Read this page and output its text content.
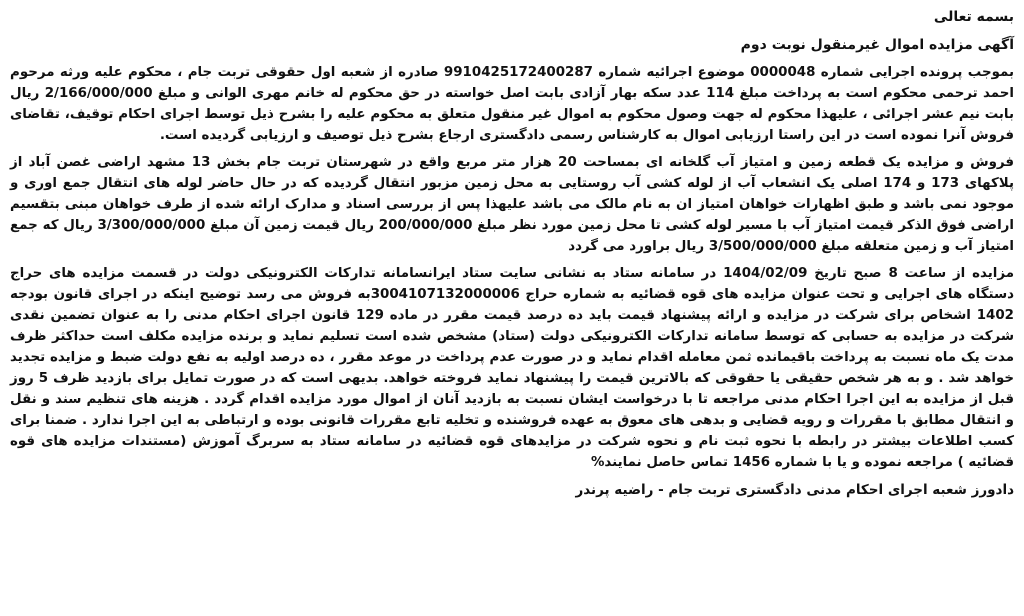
بسمه تعالی

آگهی مزایده اموال غیرمنقول نوبت دوم

بموجب پرونده اجرایی شماره 0000048 موضوع اجرائیه شماره 9910425172400287 صادره از شعبه اول حقوقی تربت جام ، محکوم علیه ورثه مرحوم احمد ترحمی محکوم است به پرداخت مبلغ 114 عدد سکه بهار آزادی بابت اصل خواسته در حق محکوم له خانم مهری الوانی و مبلغ 2/166/000/000 ریال بابت نیم عشر اجرائی ، علیهذا محکوم له جهت وصول محکوم به اموال غیر منقول متعلق به محکوم علیه را بشرح ذیل توسط اجرای احکام توقیف، تقاضای فروش آنرا نموده است در این راستا ارزیابی اموال به کارشناس رسمی دادگستری ارجاع بشرح ذیل توصیف و ارزیابی گردیده است.

فروش و مزایده یک قطعه زمین و امتیاز آب گلخانه ای بمساحت 20 هزار متر مربع واقع در شهرستان تربت جام بخش 13 مشهد اراضی غصن آباد از پلاکهای 173 و 174 اصلی یک انشعاب آب از لوله کشی آب روستایی به محل زمین مزبور انتقال گردیده که در حال حاضر لوله های انتقال جمع اوری و موجود نمی باشد و طبق اظهارات خواهان امتیاز ان به نام مالک می باشد علیهذا پس از بررسی اسناد و مدارک ارائه شده از طرف خواهان مبنی بتقسیم اراضی فوق الذکر قیمت امتیاز آب با مسیر لوله کشی تا محل زمین مورد نظر مبلغ 200/000/000 ریال قیمت زمین آن مبلغ 3/300/000/000 ریال که جمع امتیاز آب و زمین متعلقه مبلغ 3/500/000/000 ریال براورد می گردد

مزایده از ساعت 8 صبح تاریخ 1404/02/09 در سامانه ستاد به نشانی سایت ستاد ایرانسامانه تدارکات الکترونیکی دولت در قسمت مزایده های حراج دستگاه های اجرایی و تحت عنوان مزایده های قوه قضائیه به شماره حراج 3004107132000006به فروش می رسد توضیح اینکه در اجرای قانون بودجه 1402 اشخاص برای شرکت در مزایده و ارائه پیشنهاد قیمت باید ده درصد قیمت مقرر در ماده 129 قانون اجرای احکام مدنی را به عنوان تضمین نقدی شرکت در مزایده به حسابی که توسط سامانه تدارکات الکترونیکی دولت (ستاد) مشخص شده است تسلیم نماید و برنده مزایده مکلف است حداکثر ظرف مدت یک ماه نسبت به پرداخت باقیمانده ثمن معامله اقدام نماید و در صورت عدم پرداخت در موعد مقرر ، ده درصد اولیه به نفع دولت ضبط و مزایده تجدید خواهد شد . و به هر شخص حقیقی یا حقوقی که بالاترین قیمت را پیشنهاد نماید فروخته خواهد. بدیهی است که در صورت تمایل برای بازدید ظرف 5 روز قبل از مزایده به این اجرا احکام مدنی مراجعه تا با درخواست ایشان نسبت به بازدید آنان از اموال مورد مزایده اقدام گردد . هزینه های تنظیم سند و نقل و انتقال مطابق با مقررات و رویه قضایی و بدهی های معوق به عهده فروشنده و تخلیه تابع مقررات قانونی بوده و ارتباطی به این اجرا ندارد . ضمنا برای کسب اطلاعات بیشتر در رابطه با نحوه ثبت نام و نحوه شرکت در مزایدهای قوه قضائیه در سامانه ستاد به سربرگ آموزش (مستندات مزایده های قوه قضائیه ) مراجعه نموده و یا با شماره 1456 تماس حاصل نمایند%

دادورز شعبه اجرای احکام مدنی دادگستری تربت جام - راضیه پرندر
